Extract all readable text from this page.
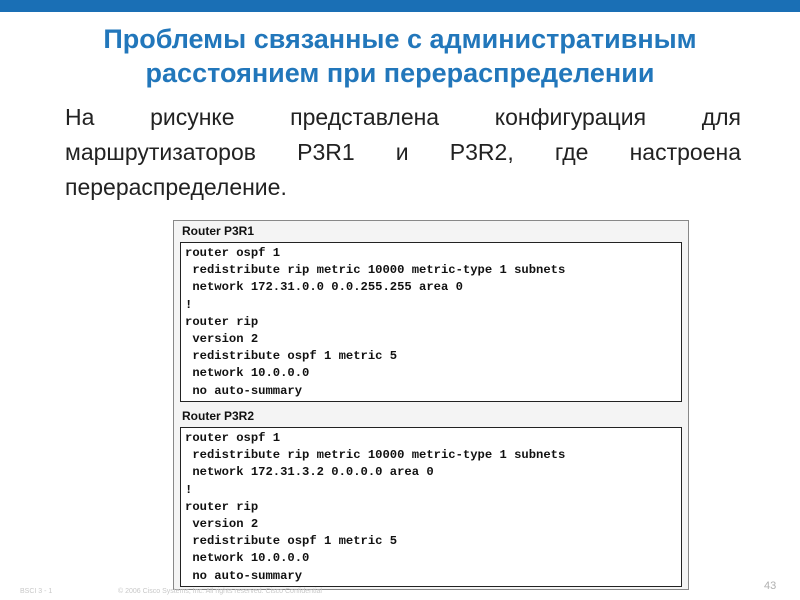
Проблемы связанные с административным
расстоянием при перераспределении
На рисунке представлена конфигурация для маршрутизаторов P3R1 и P3R2, где настроена перераспределение.
Router P3R1
router ospf 1
redistribute rip metric 10000 metric-type 1 subnets
network 172.31.0.0 0.0.255.255 area 0
!
router rip
version 2
redistribute ospf 1 metric 5
network 10.0.0.0
no auto-summary
Router P3R2
router ospf 1
redistribute rip metric 10000 metric-type 1 subnets
network 172.31.3.2 0.0.0.0 area 0
!
router rip
version 2
redistribute ospf 1 metric 5
network 10.0.0.0
no auto-summary
BSCI 3 - 1	© 2006 Cisco Systems, Inc. All rights reserved. Cisco Confidential	43
